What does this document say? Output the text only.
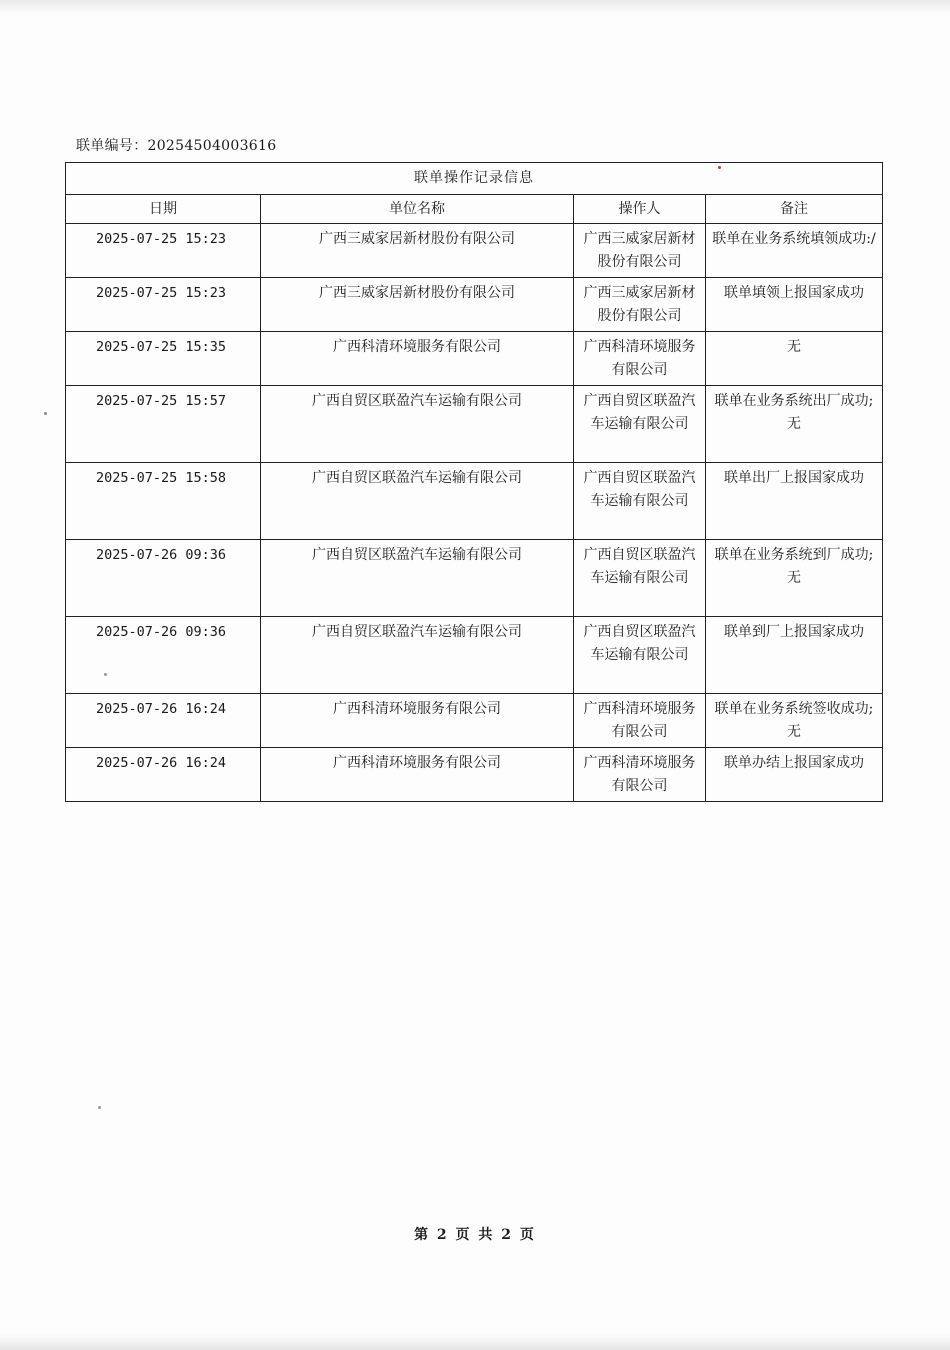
联单编号：20254504003616
联单操作记录信息			
日期	单位名称	操作人	备注
2025-07-25 15:23	广西三威家居新材股份有限公司	广西三威家居新材股份有限公司	联单在业务系统填领成功:/
2025-07-25 15:23	广西三威家居新材股份有限公司	广西三威家居新材股份有限公司	联单填领上报国家成功
2025-07-25 15:35	广西科清环境服务有限公司	广西科清环境服务有限公司	无
2025-07-25 15:57	广西自贸区联盈汽车运输有限公司	广西自贸区联盈汽车运输有限公司	联单在业务系统出厂成功;无
2025-07-25 15:58	广西自贸区联盈汽车运输有限公司	广西自贸区联盈汽车运输有限公司	联单出厂上报国家成功
2025-07-26 09:36	广西自贸区联盈汽车运输有限公司	广西自贸区联盈汽车运输有限公司	联单在业务系统到厂成功;无
2025-07-26 09:36	广西自贸区联盈汽车运输有限公司	广西自贸区联盈汽车运输有限公司	联单到厂上报国家成功
2025-07-26 16:24	广西科清环境服务有限公司	广西科清环境服务有限公司	联单在业务系统签收成功;无
2025-07-26 16:24	广西科清环境服务有限公司	广西科清环境服务有限公司	联单办结上报国家成功
第 2 页 共 2 页
